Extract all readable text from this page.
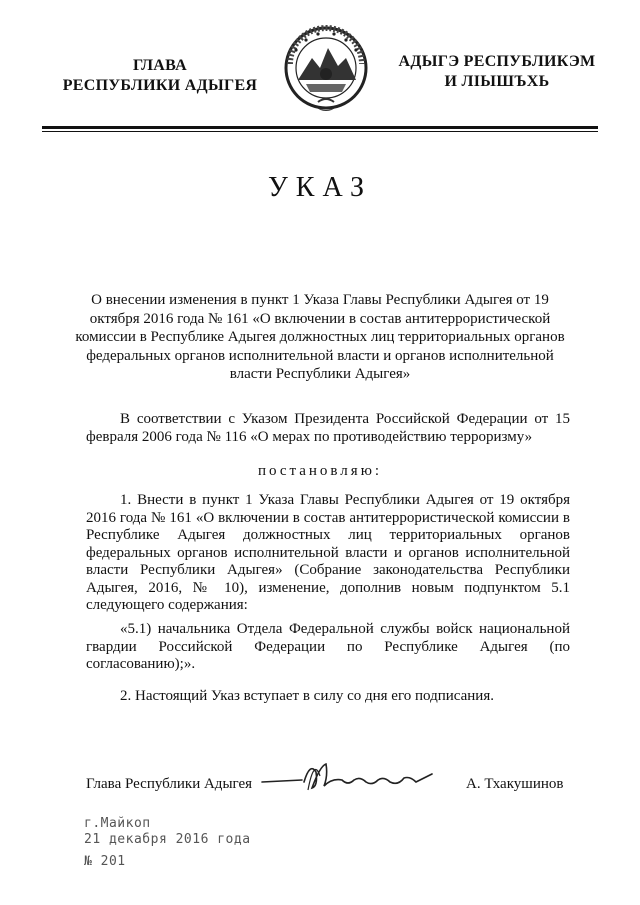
ГЛАВА
РЕСПУБЛИКИ АДЫГЕЯ
АДЫГЭ РЕСПУБЛИКЭМ
И ЛІЫШЪХЬ
УКАЗ
О внесении изменения в пункт 1 Указа Главы Республики Адыгея от 19 октября 2016 года № 161 «О включении в состав антитеррористической комиссии в Республике Адыгея должностных лиц территориальных органов федеральных органов исполнительной власти и органов исполнительной власти Республики Адыгея»
В соответствии с Указом Президента Российской Федерации от 15 февраля 2006 года № 116 «О мерах по противодействию терроризму»
постановляю:
1. Внести в пункт 1 Указа Главы Республики Адыгея от 19 октября 2016 года № 161 «О включении в состав антитеррористической комиссии в Республике Адыгея должностных лиц территориальных органов федеральных органов исполнительной власти и органов исполнительной власти Республики Адыгея» (Собрание законодательства Республики Адыгея, 2016, № 10), изменение, дополнив новым подпунктом 5.1 следующего содержания:
«5.1) начальника Отдела Федеральной службы войск национальной гвардии Российской Федерации по Республике Адыгея (по согласованию);».
2. Настоящий Указ вступает в силу со дня его подписания.
Глава Республики Адыгея	А. Тхакушинов
г.Майкоп
21 декабря 2016 года
№ 201
